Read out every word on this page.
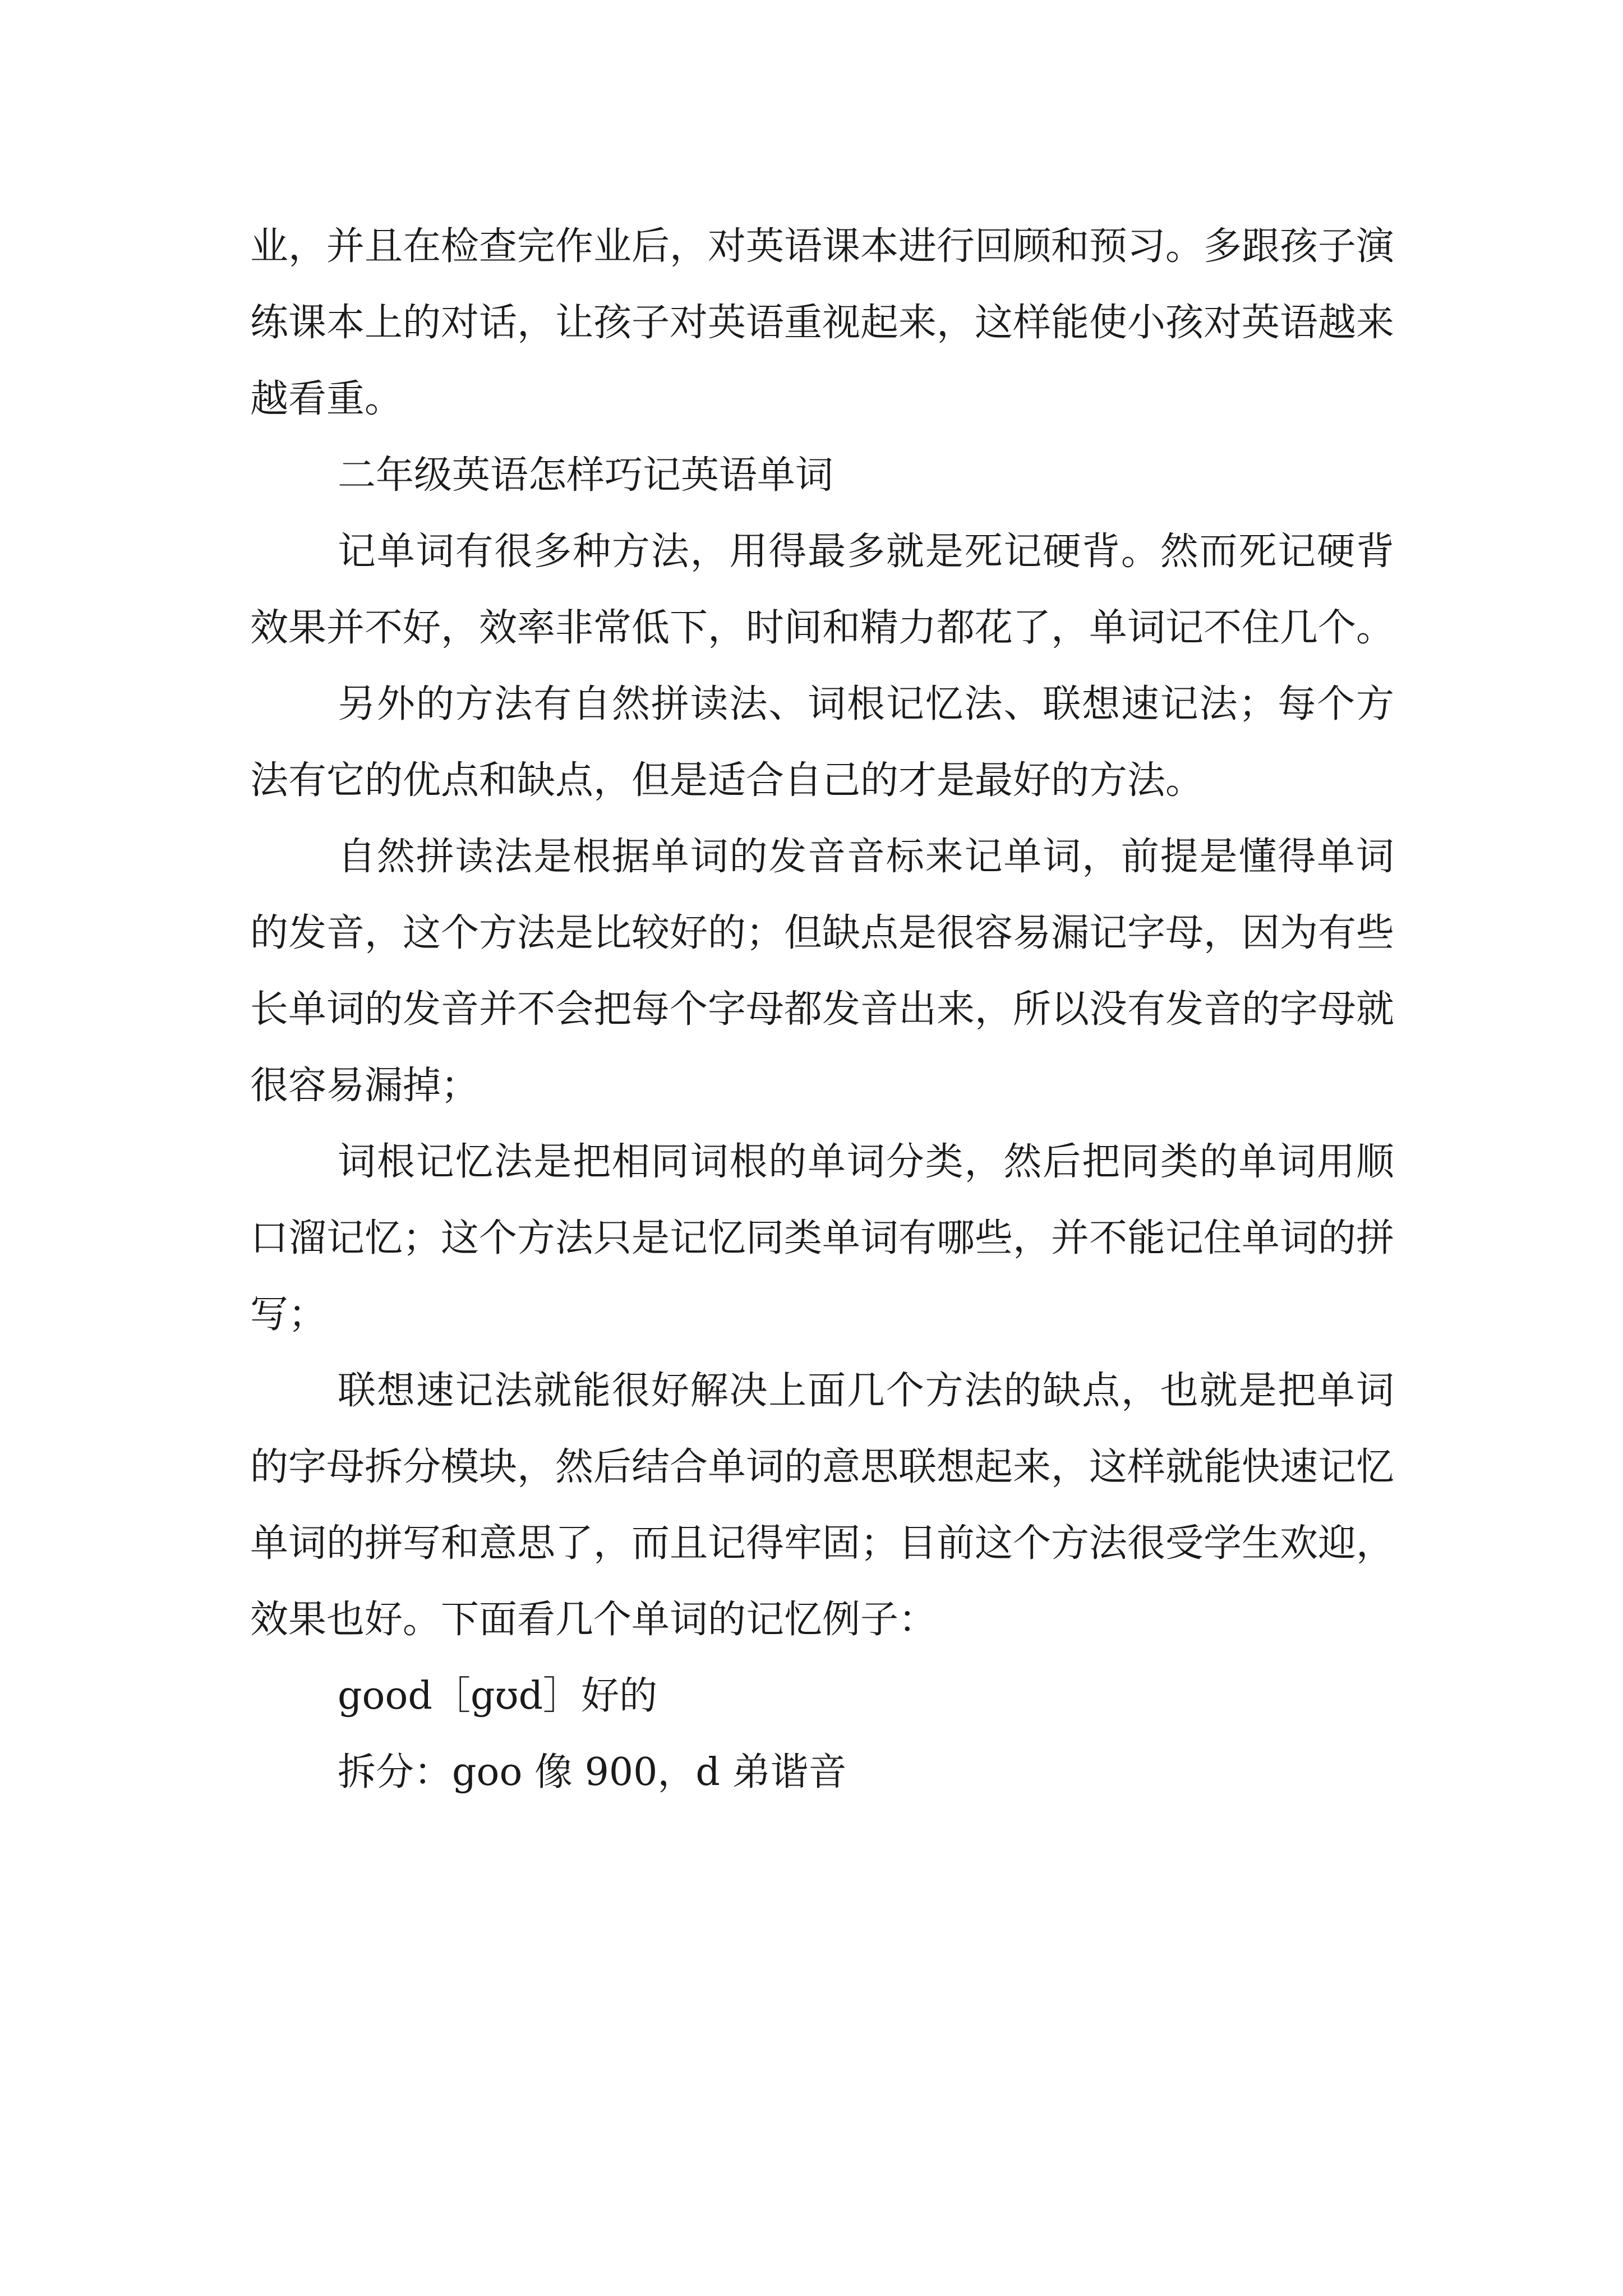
业，并且在检查完作业后，对英语课本进行回顾和预习。多跟孩子演练课本上的对话，让孩子对英语重视起来，这样能使小孩对英语越来越看重。

二年级英语怎样巧记英语单词

记单词有很多种方法，用得最多就是死记硬背。然而死记硬背效果并不好，效率非常低下，时间和精力都花了，单词记不住几个。

另外的方法有自然拼读法、词根记忆法、联想速记法；每个方法有它的优点和缺点，但是适合自己的才是最好的方法。

自然拼读法是根据单词的发音音标来记单词，前提是懂得单词的发音，这个方法是比较好的；但缺点是很容易漏记字母，因为有些长单词的发音并不会把每个字母都发音出来，所以没有发音的字母就很容易漏掉；

词根记忆法是把相同词根的单词分类，然后把同类的单词用顺口溜记忆；这个方法只是记忆同类单词有哪些，并不能记住单词的拼写；

联想速记法就能很好解决上面几个方法的缺点，也就是把单词的字母拆分模块，然后结合单词的意思联想起来，这样就能快速记忆单词的拼写和意思了，而且记得牢固；目前这个方法很受学生欢迎，效果也好。下面看几个单词的记忆例子：

good［gʊd］好的

拆分：goo 像 900，d 弟谐音
